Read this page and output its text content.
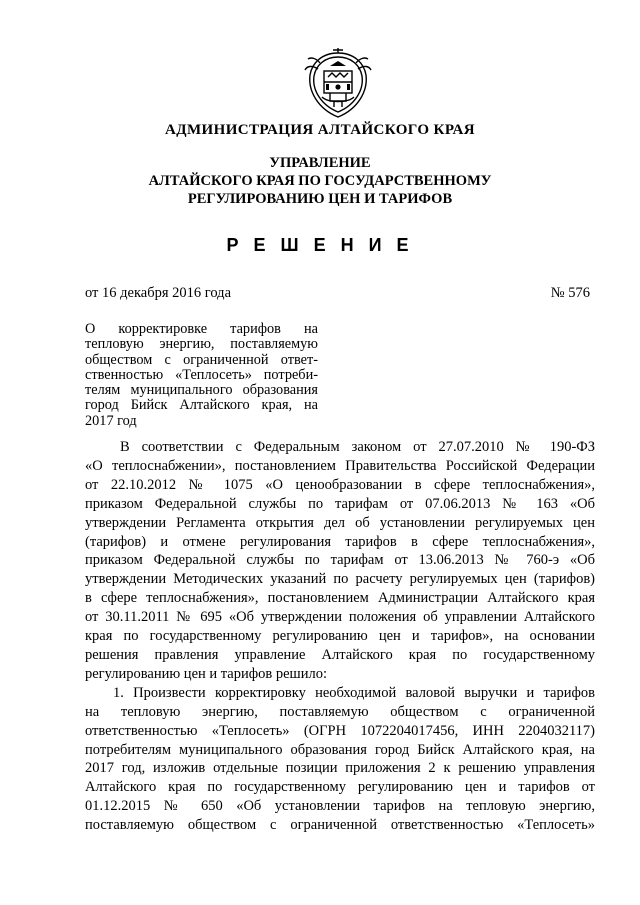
АДМИНИСТРАЦИЯ АЛТАЙСКОГО КРАЯ
УПРАВЛЕНИЕ
АЛТАЙСКОГО КРАЯ ПО ГОСУДАРСТВЕННОМУ
РЕГУЛИРОВАНИЮ ЦЕН И ТАРИФОВ
Р Е Ш Е Н И Е
от 16 декабря 2016 года	№ 576
О корректировке тарифов на
тепловую энергию, поставляемую
обществом с ограниченной ответ-
ственностью «Теплосеть» потреби-
телям муниципального образования
город Бийск Алтайского края, на
2017 год
В соответствии с Федеральным законом от 27.07.2010 № 190-ФЗ
«О теплоснабжении», постановлением Правительства Российской Федерации
от 22.10.2012 № 1075 «О ценообразовании в сфере теплоснабжения»,
приказом Федеральной службы по тарифам от 07.06.2013 № 163 «Об
утверждении Регламента открытия дел об установлении регулируемых цен
(тарифов) и отмене регулирования тарифов в сфере теплоснабжения»,
приказом Федеральной службы по тарифам от 13.06.2013 № 760-э «Об
утверждении Методических указаний по расчету регулируемых цен (тарифов)
в сфере теплоснабжения», постановлением Администрации Алтайского края
от 30.11.2011 № 695 «Об утверждении положения об управлении Алтайского
края по государственному регулированию цен и тарифов», на основании
решения правления управление Алтайского края по государственному
регулированию цен и тарифов решило:
1. Произвести корректировку необходимой валовой выручки и тарифов
на тепловую энергию, поставляемую обществом с ограниченной
ответственностью «Теплосеть» (ОГРН 1072204017456, ИНН 2204032117)
потребителям муниципального образования город Бийск Алтайского края, на
2017 год, изложив отдельные позиции приложения 2 к решению управления
Алтайского края по государственному регулированию цен и тарифов от
01.12.2015 № 650 «Об установлении тарифов на тепловую энергию,
поставляемую обществом с ограниченной ответственностью «Теплосеть»
